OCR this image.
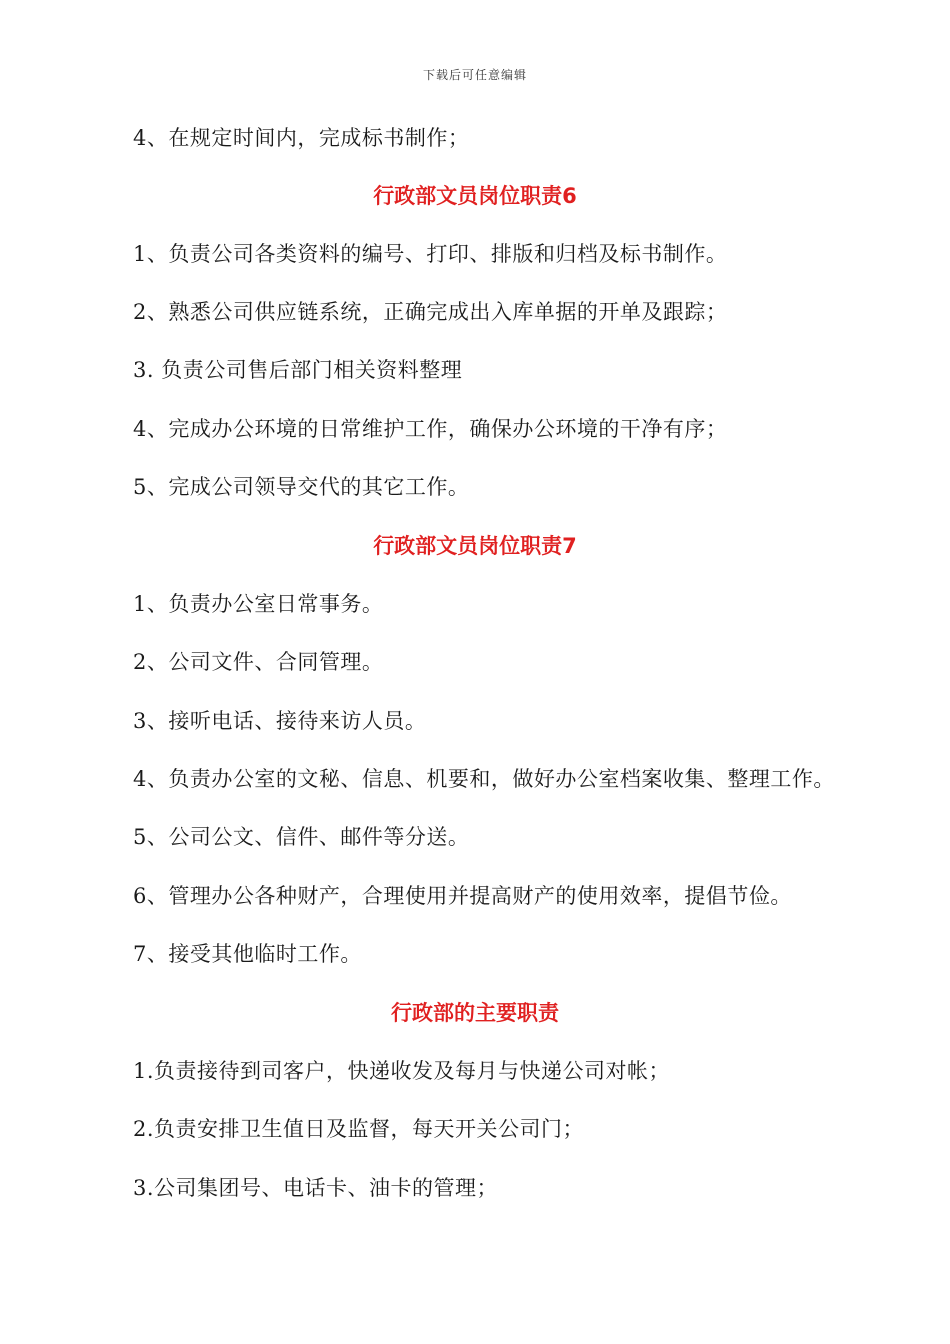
下载后可任意编辑
4、在规定时间内，完成标书制作；
行政部文员岗位职责6
1、负责公司各类资料的编号、打印、排版和归档及标书制作。
2、熟悉公司供应链系统，正确完成出入库单据的开单及跟踪；
3. 负责公司售后部门相关资料整理
4、完成办公环境的日常维护工作，确保办公环境的干净有序；
5、完成公司领导交代的其它工作。
行政部文员岗位职责7
1、负责办公室日常事务。
2、公司文件、合同管理。
3、接听电话、接待来访人员。
4、负责办公室的文秘、信息、机要和，做好办公室档案收集、整理工作。
5、公司公文、信件、邮件等分送。
6、管理办公各种财产，合理使用并提高财产的使用效率，提倡节俭。
7、接受其他临时工作。
行政部的主要职责
1.负责接待到司客户，快递收发及每月与快递公司对帐；
2.负责安排卫生值日及监督，每天开关公司门；
3.公司集团号、电话卡、油卡的管理；
